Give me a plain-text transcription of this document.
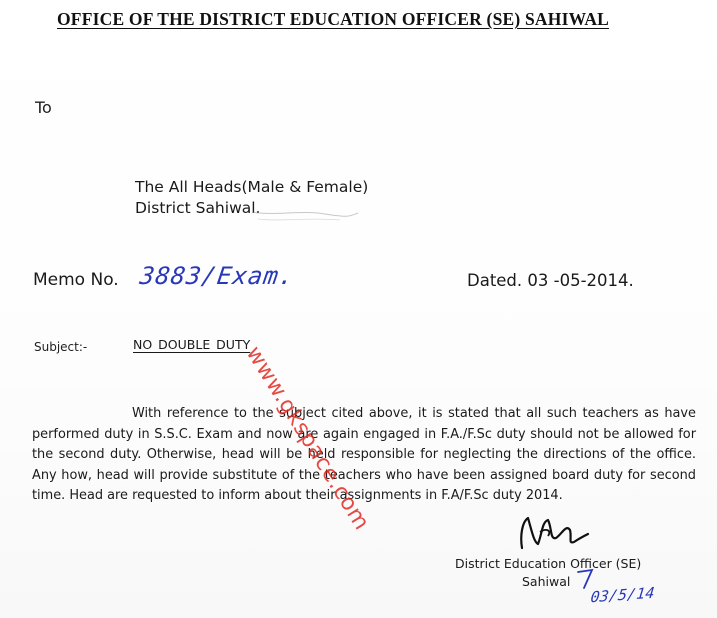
OFFICE OF THE DISTRICT EDUCATION OFFICER (SE) SAHIWAL
To
The All Heads(Male & Female)
District Sahiwal.
Memo No. 3883/Exam.	Dated. 03 -05-2014.
Subject:-	NO DOUBLE DUTY
With reference to the subject cited above, it is stated that all such teachers as have performed duty in S.S.C. Exam and now are again engaged in F.A./F.Sc duty should not be allowed for the second duty. Otherwise, head will be held responsible for neglecting the directions of the office. Any how, head will provide substitute of the teachers who have been assigned board duty for second time. Head are requested to inform about their assignments in F.A/F.Sc duty 2014.
www.gkspace.com
District Education Officer (SE)
Sahiwal
03/5/14
